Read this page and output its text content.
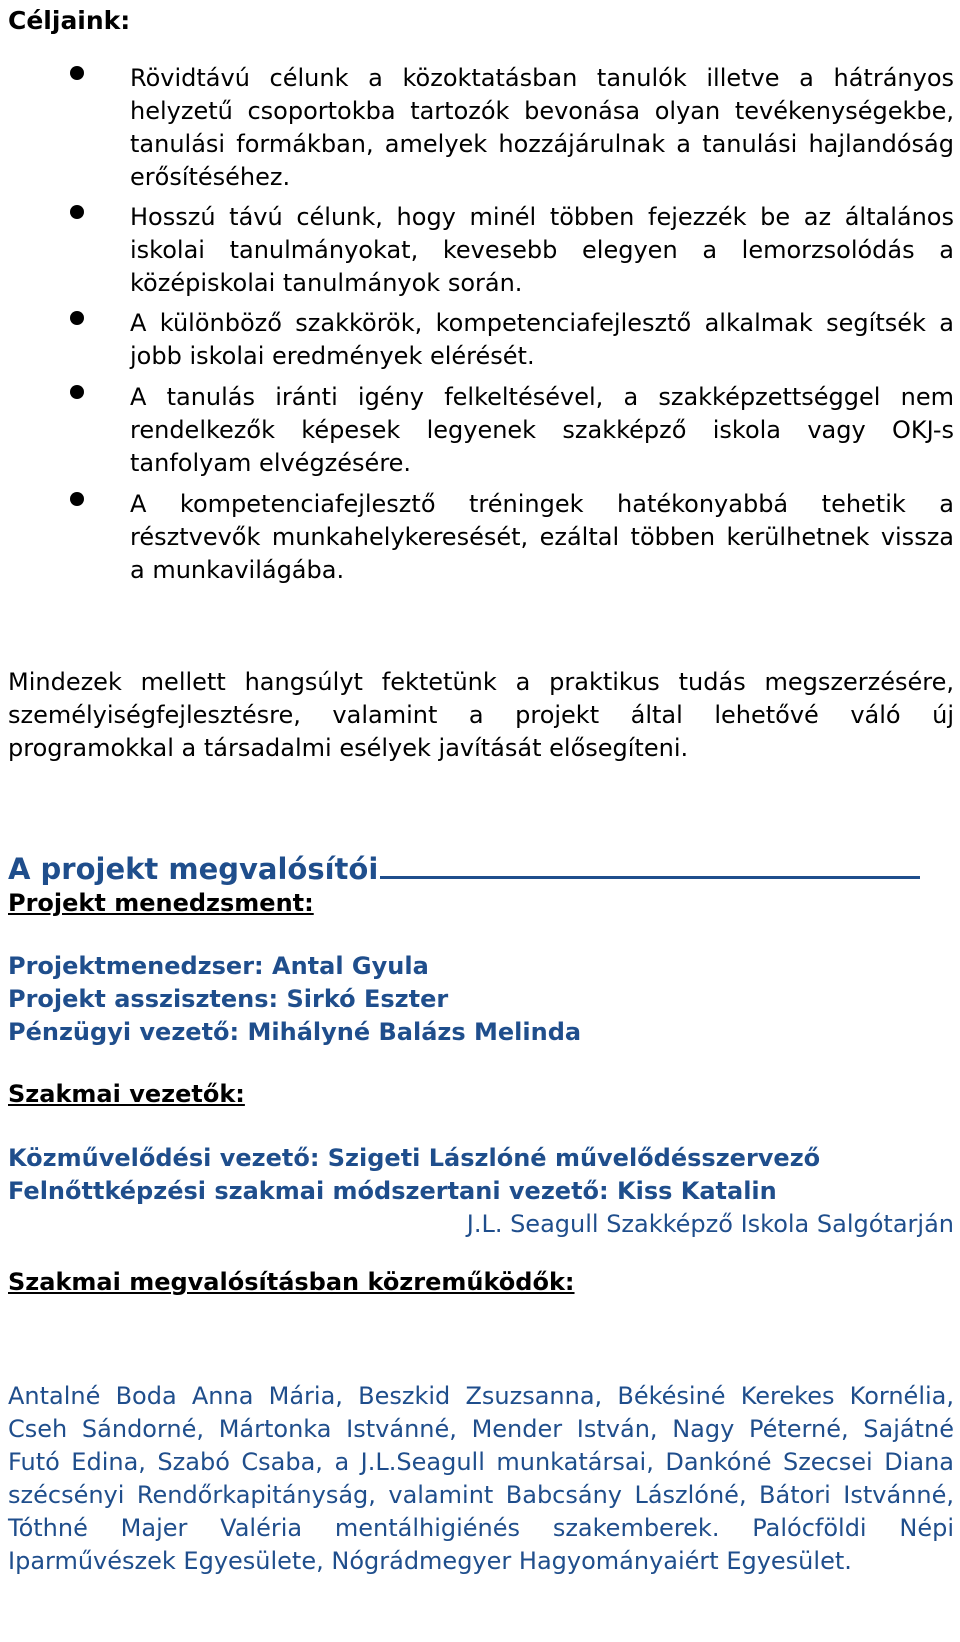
Céljaink:
Rövidtávú célunk a közoktatásban tanulók illetve a hátrányos helyzetű csoportokba tartozók bevonása olyan tevékenységekbe, tanulási formákban, amelyek hozzájárulnak a tanulási hajlandóság erősítéséhez.
Hosszú távú célunk, hogy minél többen fejezzék be az általános iskolai tanulmányokat, kevesebb elegyen a lemorzsolódás a középiskolai tanulmányok során.
A különböző szakkörök, kompetenciafejlesztő alkalmak segítsék a jobb iskolai eredmények elérését.
A tanulás iránti igény felkeltésével, a szakképzettséggel nem rendelkezők képesek legyenek szakképző iskola vagy OKJ-s tanfolyam elvégzésére.
A kompetenciafejlesztő tréningek hatékonyabbá tehetik a résztvevők munkahelykeresését, ezáltal többen kerülhetnek vissza a munkavilágába.

Mindezek mellett hangsúlyt fektetünk a praktikus tudás megszerzésére, személyiségfejlesztésre, valamint a projekt által lehetővé váló új programokkal a társadalmi esélyek javítását elősegíteni.

A projekt megvalósítói
Projekt menedzsment:
Projektmenedzser: Antal Gyula
Projekt asszisztens: Sirkó Eszter
Pénzügyi vezető: Mihályné Balázs Melinda
Szakmai vezetők:
Közművelődési vezető: Szigeti Lászlóné művelődésszervező
Felnőttképzési szakmai módszertani vezető: Kiss Katalin
J.L. Seagull Szakképző Iskola Salgótarján
Szakmai megvalósításban közreműködők:

Antalné Boda Anna Mária, Beszkid Zsuzsanna, Békésiné Kerekes Kornélia, Cseh Sándorné, Mártonka Istvánné, Mender István, Nagy Péterné, Sajátné Futó Edina, Szabó Csaba, a J.L.Seagull munkatársai, Dankóné Szecsei Diana szécsényi Rendőrkapitányság, valamint Babcsány Lászlóné, Bátori Istvánné, Tóthné Majer Valéria mentálhigiénés szakemberek. Palócföldi Népi Iparművészek Egyesülete, Nógrádmegyer Hagyományaiért Egyesület.
